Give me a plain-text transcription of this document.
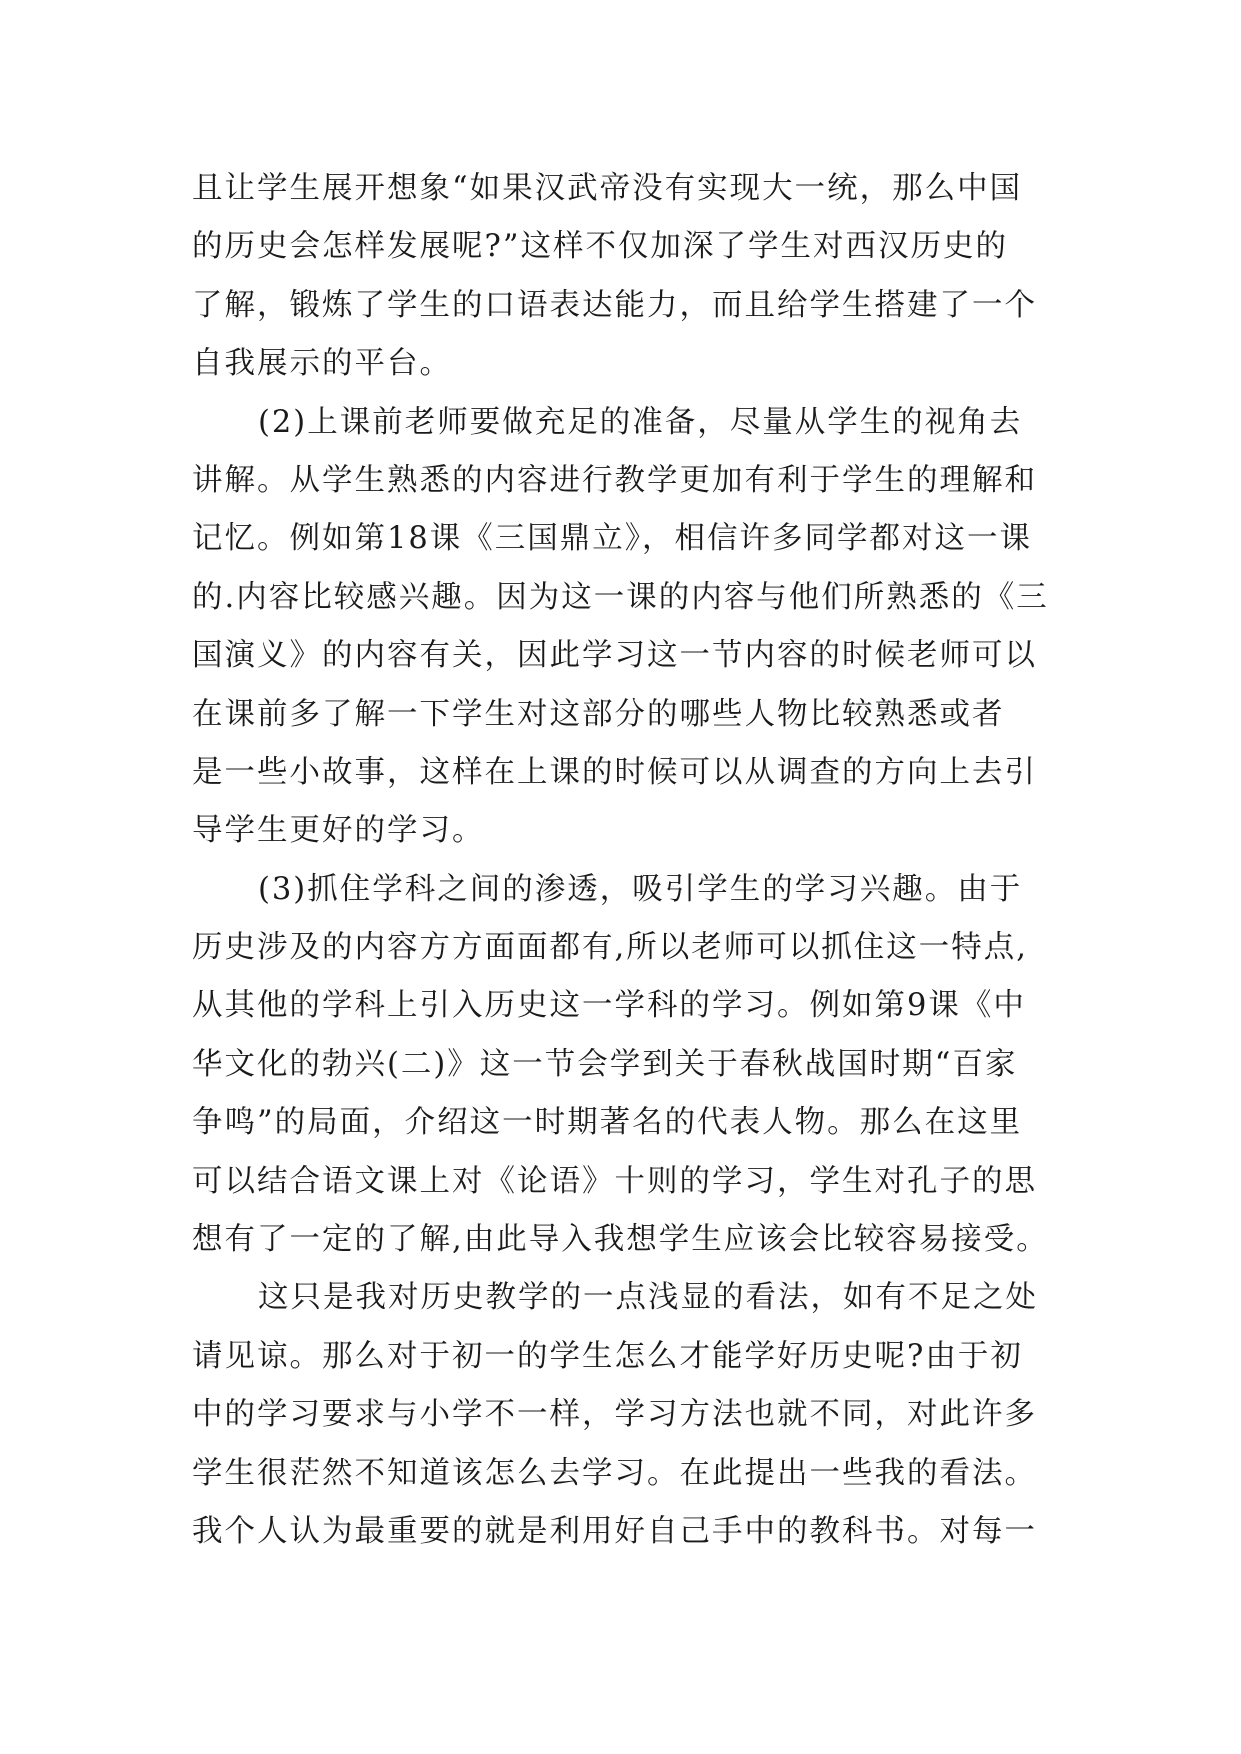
且让学生展开想象“如果汉武帝没有实现大一统，那么中国
的历史会怎样发展呢?”这样不仅加深了学生对西汉历史的
了解，锻炼了学生的口语表达能力，而且给学生搭建了一个
自我展示的平台。
(2)上课前老师要做充足的准备，尽量从学生的视角去
讲解。从学生熟悉的内容进行教学更加有利于学生的理解和
记忆。例如第18课《三国鼎立》，相信许多同学都对这一课
的.内容比较感兴趣。因为这一课的内容与他们所熟悉的《三
国演义》的内容有关，因此学习这一节内容的时候老师可以
在课前多了解一下学生对这部分的哪些人物比较熟悉或者
是一些小故事，这样在上课的时候可以从调查的方向上去引
导学生更好的学习。
(3)抓住学科之间的渗透，吸引学生的学习兴趣。由于
历史涉及的内容方方面面都有,所以老师可以抓住这一特点,
从其他的学科上引入历史这一学科的学习。例如第9课《中
华文化的勃兴(二)》这一节会学到关于春秋战国时期“百家
争鸣”的局面，介绍这一时期著名的代表人物。那么在这里
可以结合语文课上对《论语》十则的学习，学生对孔子的思
想有了一定的了解,由此导入我想学生应该会比较容易接受。
这只是我对历史教学的一点浅显的看法，如有不足之处
请见谅。那么对于初一的学生怎么才能学好历史呢?由于初
中的学习要求与小学不一样，学习方法也就不同，对此许多
学生很茫然不知道该怎么去学习。在此提出一些我的看法。
我个人认为最重要的就是利用好自己手中的教科书。对每一
